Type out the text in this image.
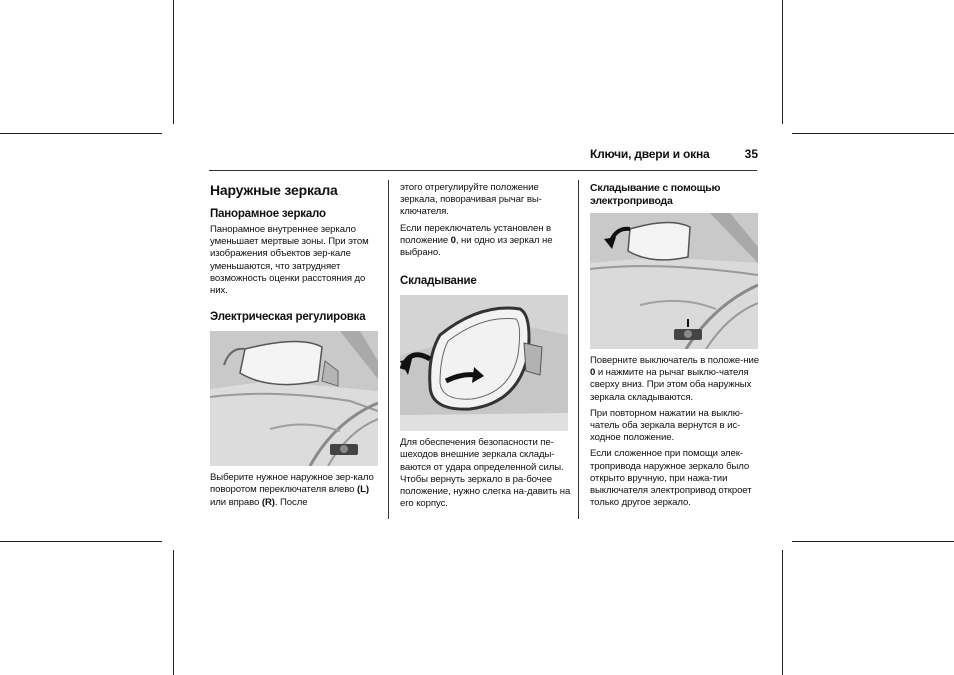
Ключи, двери и окна	35
Наружные зеркала
Панорамное зеркало

Панорамное внутреннее зеркало уменьшает мертвые зоны. При этом изображения объектов зер-кале уменьшаются, что затрудняет возможность оценки расстояния до них.

Электрическая регулировка

Выберите нужное наружное зер-кало поворотом переключателя влево (L) или вправо (R). После

этого отрегулируйте положение зеркала, поворачивая рычаг вы-ключателя.

Если переключатель установлен в положение 0, ни одно из зеркал не выбрано.

Складывание

Для обеспечения безопасности пе-шеходов внешние зеркала склады-ваются от удара определенной силы. Чтобы вернуть зеркало в ра-бочее положение, нужно слегка на-давить на его корпус.

Складывание с помощью
электропривода

Поверните выключатель в положе-ние 0 и нажмите на рычаг выклю-чателя сверху вниз. При этом оба наружных зеркала складываются.

При повторном нажатии на выклю-чатель оба зеркала вернутся в ис-ходное положение.

Если сложенное при помощи элек-тропривода наружное зеркало было открыто вручную, при нажа-тии выключателя электропривод откроет только другое зеркало.
